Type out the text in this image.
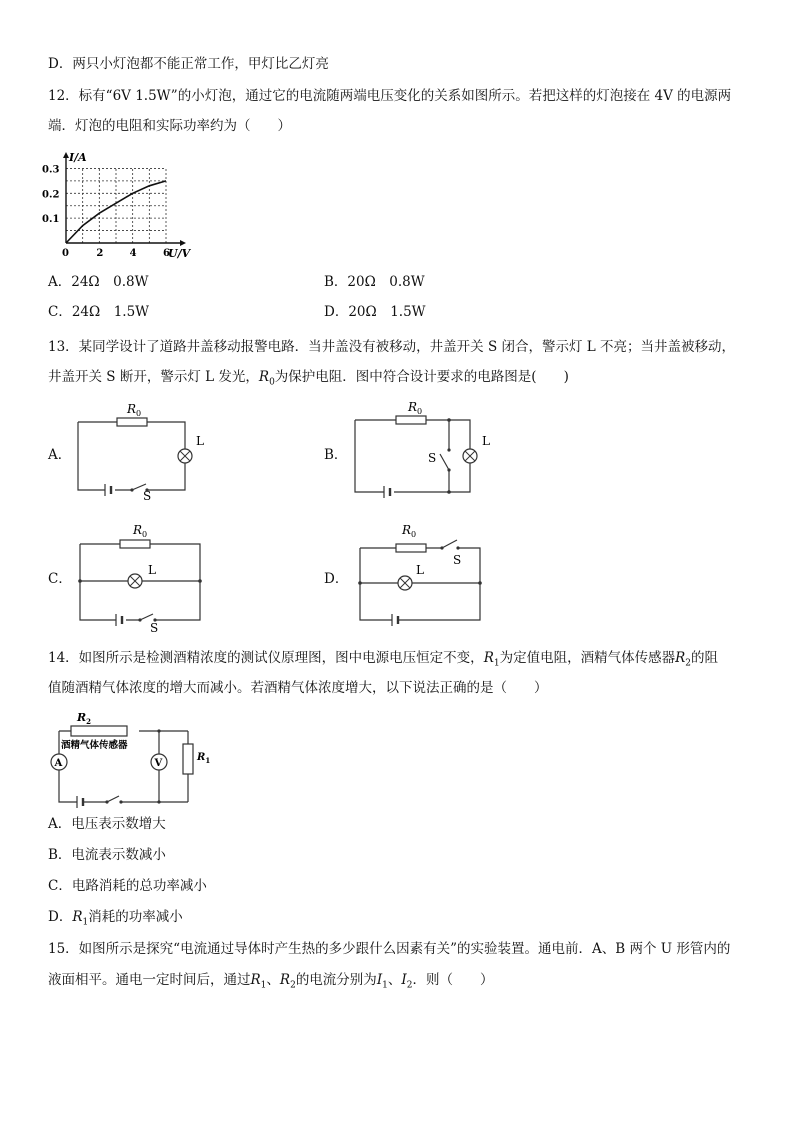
D．两只小灯泡都不能正常工作，甲灯比乙灯亮
12．标有“6V 1.5W”的小灯泡，通过它的电流随两端电压变化的关系如图所示。若把这样的灯泡接在 4V 的电源两
端．灯泡的电阻和实际功率约为（　　）
I/A
U/V
0	2	4	6
0.1
0.2
0.3
A．24Ω　0.8W	B．20Ω　0.8W
C．24Ω　1.5W	D．20Ω　1.5W
13．某同学设计了道路井盖移动报警电路．当井盖没有被移动，井盖开关 S 闭合，警示灯 L 不亮；当井盖被移动，
井盖开关 S 断开，警示灯 L 发光，$R_0$为保护电阻．图中符合设计要求的电路图是(　　)
A．
$R_0$
L
S
B．
$R_0$
S
L
C．
$R_0$
L
S
D．
$R_0$
S
L
14．如图所示是检测酒精浓度的测试仪原理图，图中电源电压恒定不变，$R_1$为定值电阻，酒精气体传感器$R_2$的阻
值随酒精气体浓度的增大而减小。若酒精气体浓度增大，以下说法正确的是（　　）
$R_2$
酒精气体传感器
A	V
$R_1$
A．电压表示数增大
B．电流表示数减小
C．电路消耗的总功率减小
D．$R_1$消耗的功率减小
15．如图所示是探究“电流通过导体时产生热的多少跟什么因素有关”的实验装置。通电前．A、B 两个 U 形管内的
液面相平。通电一定时间后，通过$R_1$、$R_2$的电流分别为$I_1$、$I_2$．则（　　）
